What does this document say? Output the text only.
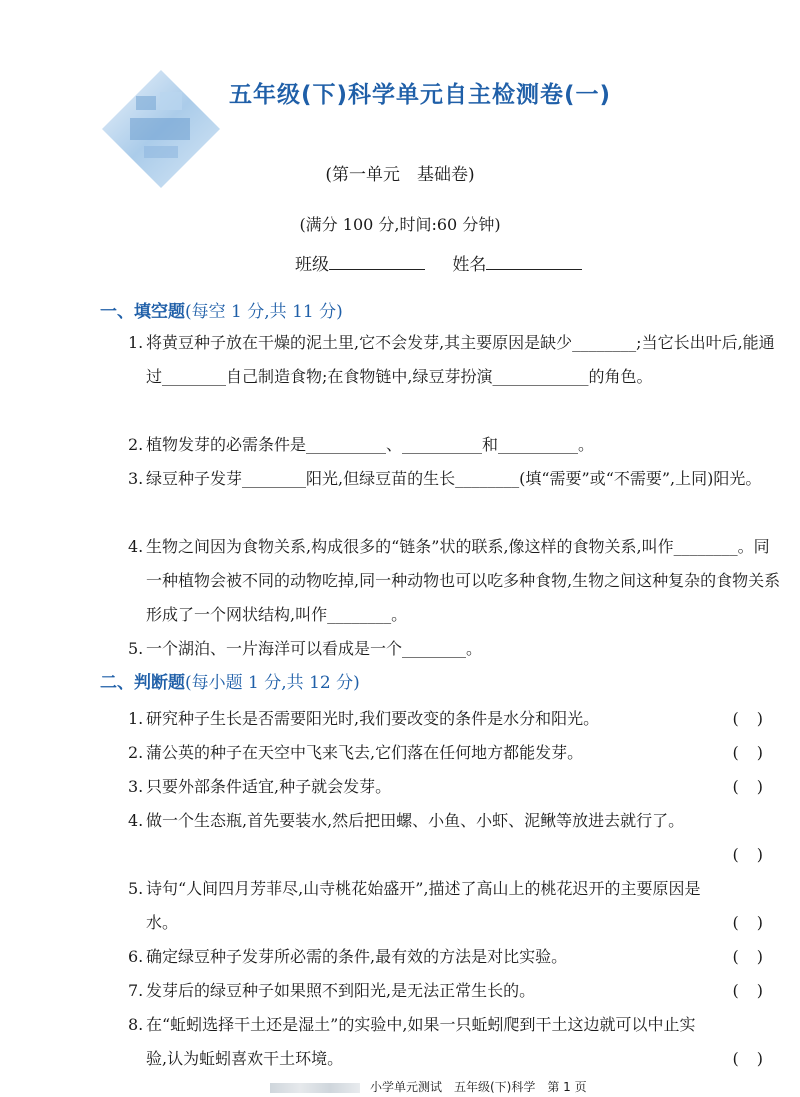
五年级(下)科学单元自主检测卷(一)
(第一单元　基础卷)
(满分 100 分,时间:60 分钟)
班级	姓名
一、填空题(每空 1 分,共 11 分)
1. 将黄豆种子放在干燥的泥土里,它不会发芽,其主要原因是缺少________;当它长出叶后,能通过________自己制造食物;在食物链中,绿豆芽扮演____________的角色。
2. 植物发芽的必需条件是__________、__________和__________。
3. 绿豆种子发芽________阳光,但绿豆苗的生长________(填“需要”或“不需要”,上同)阳光。
4. 生物之间因为食物关系,构成很多的“链条”状的联系,像这样的食物关系,叫作________。同一种植物会被不同的动物吃掉,同一种动物也可以吃多种食物,生物之间这种复杂的食物关系形成了一个网状结构,叫作________。
5. 一个湖泊、一片海洋可以看成是一个________。
二、判断题(每小题 1 分,共 12 分)
1. 研究种子生长是否需要阳光时,我们要改变的条件是水分和阳光。	()
2. 蒲公英的种子在天空中飞来飞去,它们落在任何地方都能发芽。	()
3. 只要外部条件适宜,种子就会发芽。	()
4. 做一个生态瓶,首先要装水,然后把田螺、小鱼、小虾、泥鳅等放进去就行了。
()
5. 诗句“人间四月芳菲尽,山寺桃花始盛开”,描述了高山上的桃花迟开的主要原因是水。	()
6. 确定绿豆种子发芽所必需的条件,最有效的方法是对比实验。	()
7. 发芽后的绿豆种子如果照不到阳光,是无法正常生长的。	()
8. 在“蚯蚓选择干土还是湿土”的实验中,如果一只蚯蚓爬到干土这边就可以中止实验,认为蚯蚓喜欢干土环境。	()
小学单元测试　五年级(下)科学　第 1 页
